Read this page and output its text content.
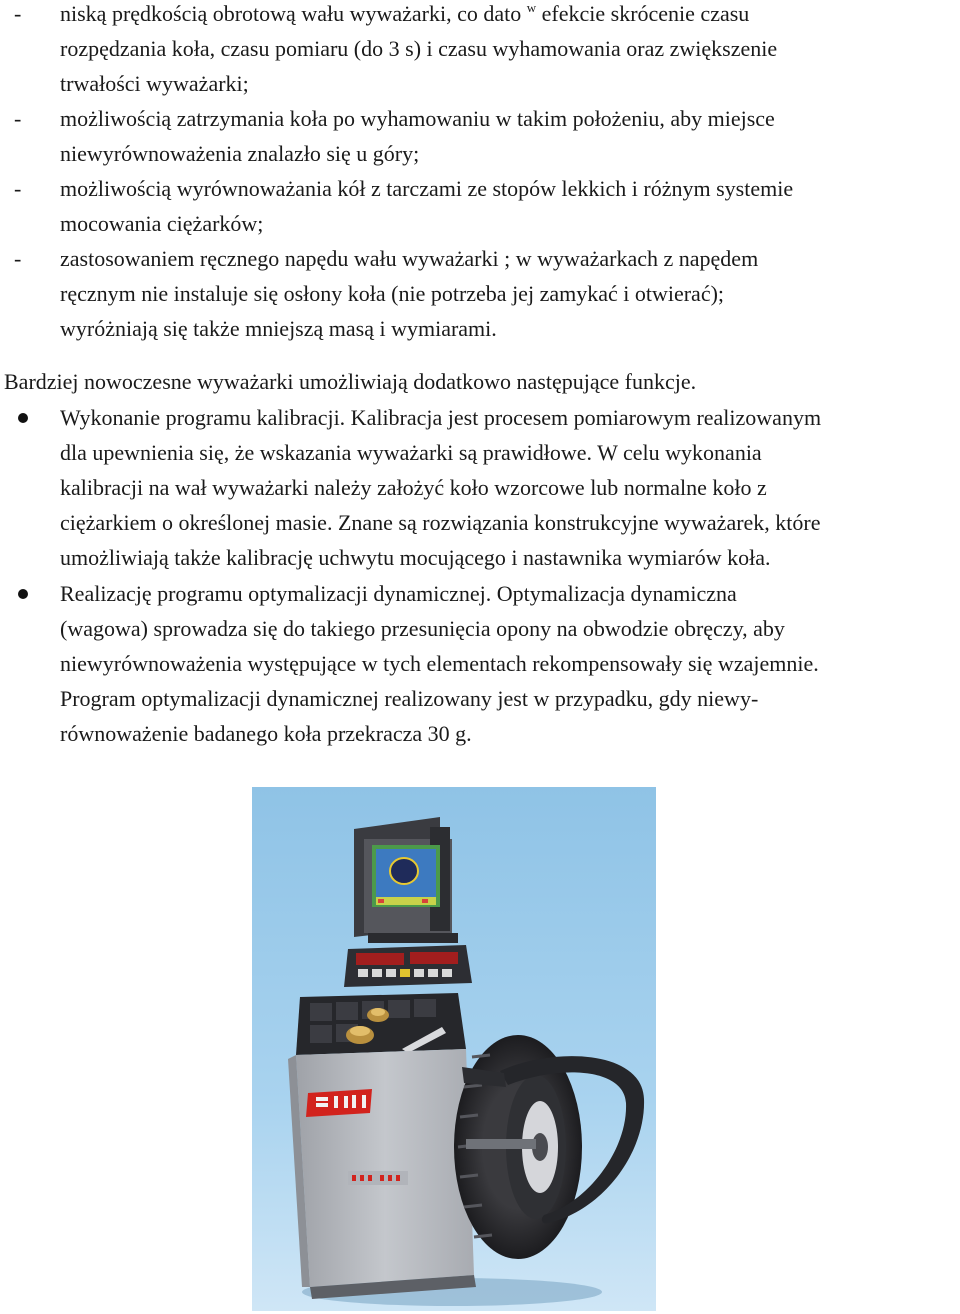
- niską prędkością obrotową wału wyważarki, co dato $^w$ efekcie skrócenie czasu
rozpędzania koła, czasu pomiaru (do 3 s) i czasu wyhamowania oraz zwiększenie
trwałości wyważarki;
- możliwością zatrzymania koła po wyhamowaniu w takim położeniu, aby miejsce
niewyrównoważenia znalazło się u góry;
- możliwością wyrównoważania kół z tarczami ze stopów lekkich i różnym systemie
mocowania ciężarków;
- zastosowaniem ręcznego napędu wału wyważarki ; w wyważarkach z napędem
ręcznym nie instaluje się osłony koła (nie potrzeba jej zamykać i otwierać);
wyróżniają się także mniejszą masą i wymiarami.
Bardziej nowoczesne wyważarki umożliwiają dodatkowo następujące funkcje.
Wykonanie programu kalibracji. Kalibracja jest procesem pomiarowym realizowanym
dla upewnienia się, że wskazania wyważarki są prawidłowe. W celu wykonania
kalibracji na wał wyważarki należy założyć koło wzorcowe lub normalne koło z
ciężarkiem o określonej masie. Znane są rozwiązania konstrukcyjne wyważarek, które
umożliwiają także kalibrację uchwytu mocującego i nastawnika wymiarów koła.
Realizację programu optymalizacji dynamicznej. Optymalizacja dynamiczna
(wagowa) sprowadza się do takiego przesunięcia opony na obwodzie obręczy, aby
niewyrównoważenia występujące w tych elementach rekompensowały się wzajemnie.
Program optymalizacji dynamicznej realizowany jest w przypadku, gdy niewy-
równoważenie badanego koła przekracza 30 g.
